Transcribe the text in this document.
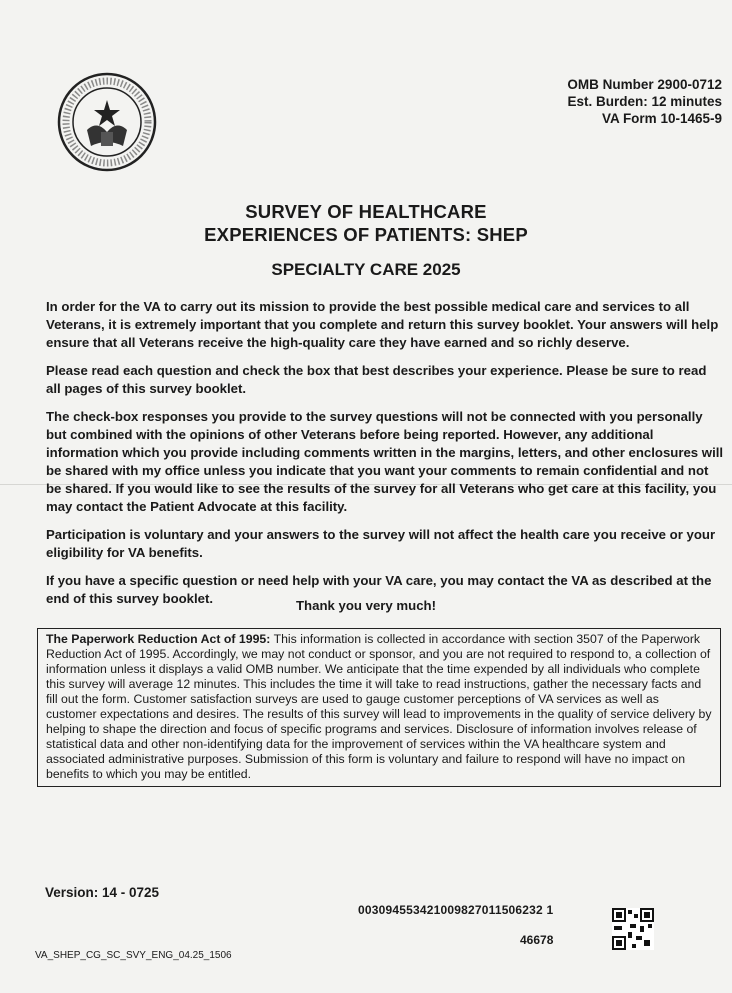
OMB Number 2900-0712
Est. Burden: 12 minutes
VA Form 10-1465-9
SURVEY OF HEALTHCARE
EXPERIENCES OF PATIENTS: SHEP
SPECIALTY CARE 2025

In order for the VA to carry out its mission to provide the best possible medical care and services to all Veterans, it is extremely important that you complete and return this survey booklet. Your answers will help ensure that all Veterans receive the high-quality care they have earned and so richly deserve.

Please read each question and check the box that best describes your experience. Please be sure to read all pages of this survey booklet.

The check-box responses you provide to the survey questions will not be connected with you personally but combined with the opinions of other Veterans before being reported. However, any additional information which you provide including comments written in the margins, letters, and other enclosures will be shared with my office unless you indicate that you want your comments to remain confidential and not be shared. If you would like to see the results of the survey for all Veterans who get care at this facility, you may contact the Patient Advocate at this facility.

Participation is voluntary and your answers to the survey will not affect the health care you receive or your eligibility for VA benefits.

If you have a specific question or need help with your VA care, you may contact the VA as described at the end of this survey booklet.	Thank you very much!
The Paperwork Reduction Act of 1995: This information is collected in accordance with section 3507 of the Paperwork Reduction Act of 1995. Accordingly, we may not conduct or sponsor, and you are not required to respond to, a collection of information unless it displays a valid OMB number. We anticipate that the time expended by all individuals who complete this survey will average 12 minutes. This includes the time it will take to read instructions, gather the necessary facts and fill out the form. Customer satisfaction surveys are used to gauge customer perceptions of VA services as well as customer expectations and desires. The results of this survey will lead to improvements in the quality of service delivery by helping to shape the direction and focus of specific programs and services. Disclosure of information involves release of statistical data and other non-identifying data for the improvement of services within the VA healthcare system and associated administrative purposes. Submission of this form is voluntary and failure to respond will have no impact on benefits to which you may be entitled.
Version: 14 - 0725
003094553421009827011506232 1
46678
VA_SHEP_CG_SC_SVY_ENG_04.25_1506
